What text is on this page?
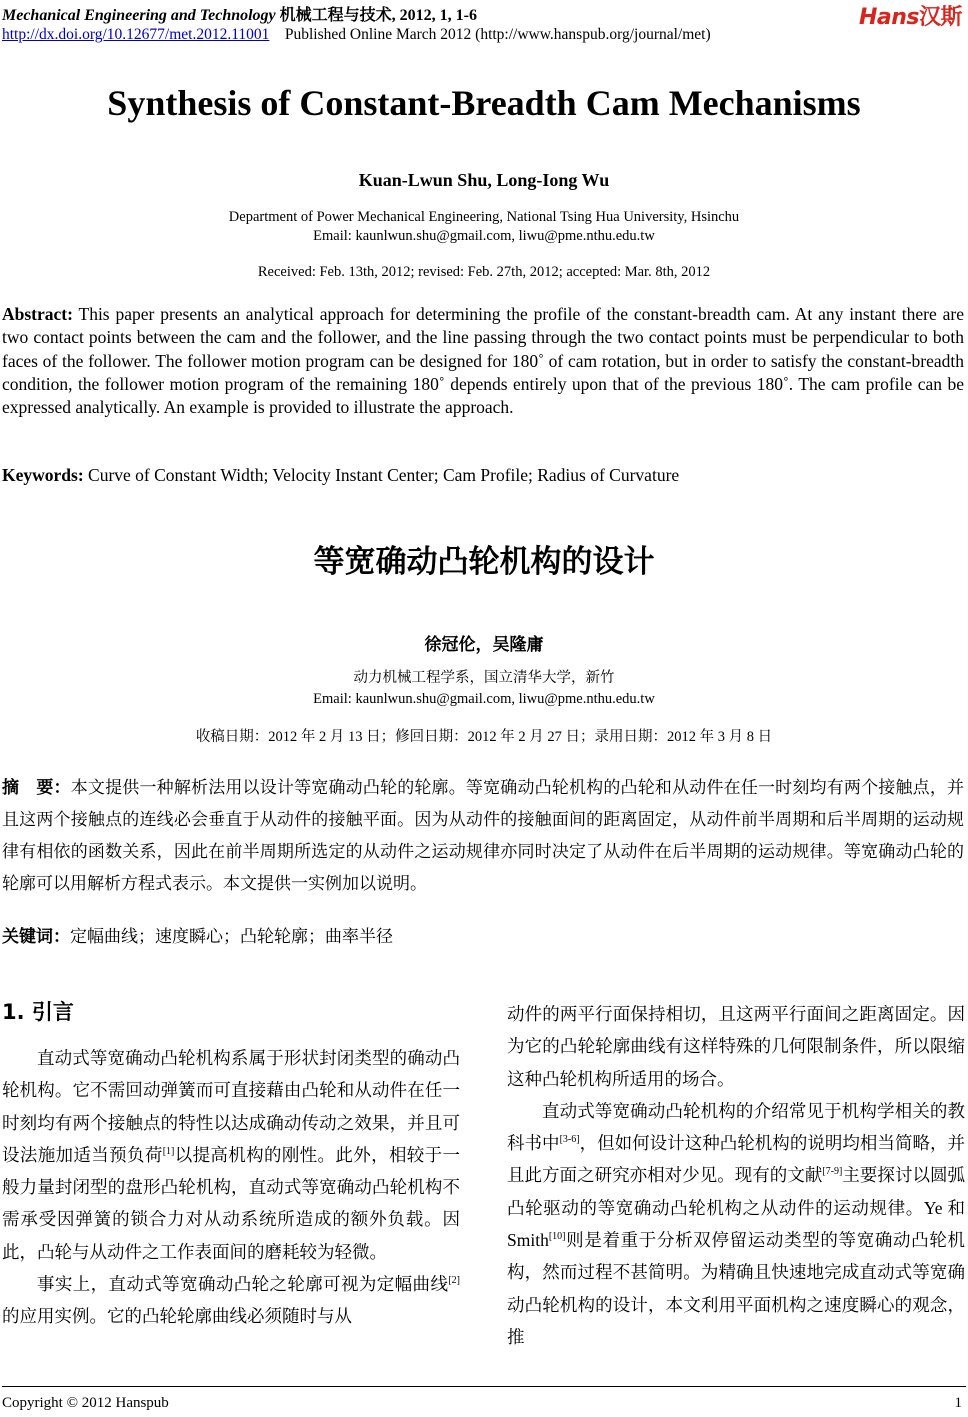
Mechanical Engineering and Technology 机械工程与技术, 2012, 1, 1-6
http://dx.doi.org/10.12677/met.2012.11001 Published Online March 2012 (http://www.hanspub.org/journal/met)
Hans汉斯
Synthesis of Constant-Breadth Cam Mechanisms
Kuan-Lwun Shu, Long-Iong Wu
Department of Power Mechanical Engineering, National Tsing Hua University, Hsinchu
Email: kaunlwun.shu@gmail.com, liwu@pme.nthu.edu.tw
Received: Feb. 13th, 2012; revised: Feb. 27th, 2012; accepted: Mar. 8th, 2012
Abstract: This paper presents an analytical approach for determining the profile of the constant-breadth cam. At any instant there are two contact points between the cam and the follower, and the line passing through the two contact points must be perpendicular to both faces of the follower. The follower motion program can be designed for 180˚ of cam rotation, but in order to satisfy the constant-breadth condition, the follower motion program of the remaining 180˚ depends entirely upon that of the previous 180˚. The cam profile can be expressed analytically. An example is provided to illustrate the approach.
Keywords: Curve of Constant Width; Velocity Instant Center; Cam Profile; Radius of Curvature
等宽确动凸轮机构的设计
徐冠伦，吴隆庸
动力机械工程学系，国立清华大学，新竹
Email: kaunlwun.shu@gmail.com, liwu@pme.nthu.edu.tw
收稿日期：2012 年 2 月 13 日；修回日期：2012 年 2 月 27 日；录用日期：2012 年 3 月 8 日
摘　要：本文提供一种解析法用以设计等宽确动凸轮的轮廓。等宽确动凸轮机构的凸轮和从动件在任一时刻均有两个接触点，并且这两个接触点的连线必会垂直于从动件的接触平面。因为从动件的接触面间的距离固定，从动件前半周期和后半周期的运动规律有相依的函数关系，因此在前半周期所选定的从动件之运动规律亦同时决定了从动件在后半周期的运动规律。等宽确动凸轮的轮廓可以用解析方程式表示。本文提供一实例加以说明。
关键词：定幅曲线；速度瞬心；凸轮轮廓；曲率半径
1. 引言

直动式等宽确动凸轮机构系属于形状封闭类型的确动凸轮机构。它不需回动弹簧而可直接藉由凸轮和从动件在任一时刻均有两个接触点的特性以达成确动传动之效果，并且可设法施加适当预负荷[1]以提高机构的刚性。此外，相较于一般力量封闭型的盘形凸轮机构，直动式等宽确动凸轮机构不需承受因弹簧的锁合力对从动系统所造成的额外负载。因此，凸轮与从动件之工作表面间的磨耗较为轻微。

事实上，直动式等宽确动凸轮之轮廓可视为定幅曲线[2]的应用实例。它的凸轮轮廓曲线必须随时与从

动件的两平行面保持相切，且这两平行面间之距离固定。因为它的凸轮轮廓曲线有这样特殊的几何限制条件，所以限缩这种凸轮机构所适用的场合。

直动式等宽确动凸轮机构的介绍常见于机构学相关的教科书中[3-6]，但如何设计这种凸轮机构的说明均相当简略，并且此方面之研究亦相对少见。现有的文献[7-9]主要探讨以圆弧凸轮驱动的等宽确动凸轮机构之从动件的运动规律。Ye 和 Smith[10]则是着重于分析双停留运动类型的等宽确动凸轮机构，然而过程不甚简明。为精确且快速地完成直动式等宽确动凸轮机构的设计，本文利用平面机构之速度瞬心的观念，推

Copyright © 2012 Hanspub	1
